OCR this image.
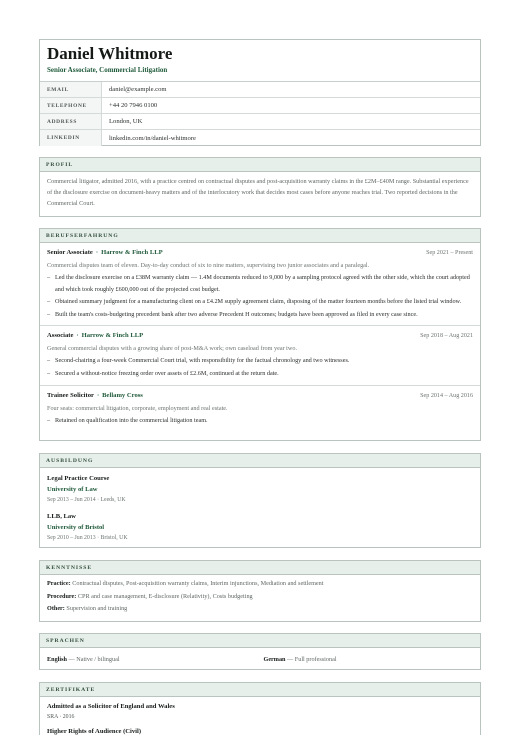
Daniel Whitmore
Senior Associate, Commercial Litigation
EMAIL	daniel@example.com
TELEPHONE	+44 20 7946 0100
ADDRESS	London, UK
LINKEDIN	linkedin.com/in/daniel-whitmore
PROFIL
Commercial litigator, admitted 2016, with a practice centred on contractual disputes and post-acquisition warranty claims in the £2M–£40M range. Substantial experience of the disclosure exercise on document-heavy matters and of the interlocutory work that decides most cases before anyone reaches trial. Two reported decisions in the Commercial Court.
BERUFSERFAHRUNG
Senior Associate · Harrow & Finch LLP	Sep 2021 – Present
Commercial disputes team of eleven. Day-to-day conduct of six to nine matters, supervising two junior associates and a paralegal.
– Led the disclosure exercise on a £38M warranty claim — 1.4M documents reduced to 9,000 by a sampling protocol agreed with the other side, which the court adopted and which took roughly £600,000 out of the projected cost budget.
– Obtained summary judgment for a manufacturing client on a £4.2M supply agreement claim, disposing of the matter fourteen months before the listed trial window.
– Built the team's costs-budgeting precedent bank after two adverse Precedent H outcomes; budgets have been approved as filed in every case since.
Associate · Harrow & Finch LLP	Sep 2018 – Aug 2021
General commercial disputes with a growing share of post-M&A work; own caseload from year two.
– Second-chairing a four-week Commercial Court trial, with responsibility for the factual chronology and two witnesses.
– Secured a without-notice freezing order over assets of £2.6M, continued at the return date.
Trainee Solicitor · Bellamy Cross	Sep 2014 – Aug 2016
Four seats: commercial litigation, corporate, employment and real estate.
– Retained on qualification into the commercial litigation team.
AUSBILDUNG
Legal Practice Course
University of Law
Sep 2013 – Jun 2014 · Leeds, UK
LLB, Law
University of Bristol
Sep 2010 – Jun 2013 · Bristol, UK
KENNTNISSE
Practice: Contractual disputes, Post-acquisition warranty claims, Interim injunctions, Mediation and settlement
Procedure: CPR and case management, E-disclosure (Relativity), Costs budgeting
Other: Supervision and training
SPRACHEN
English — Native / bilingual	German — Full professional
ZERTIFIKATE
Admitted as a Solicitor of England and Wales
SRA · 2016
Higher Rights of Audience (Civil)
